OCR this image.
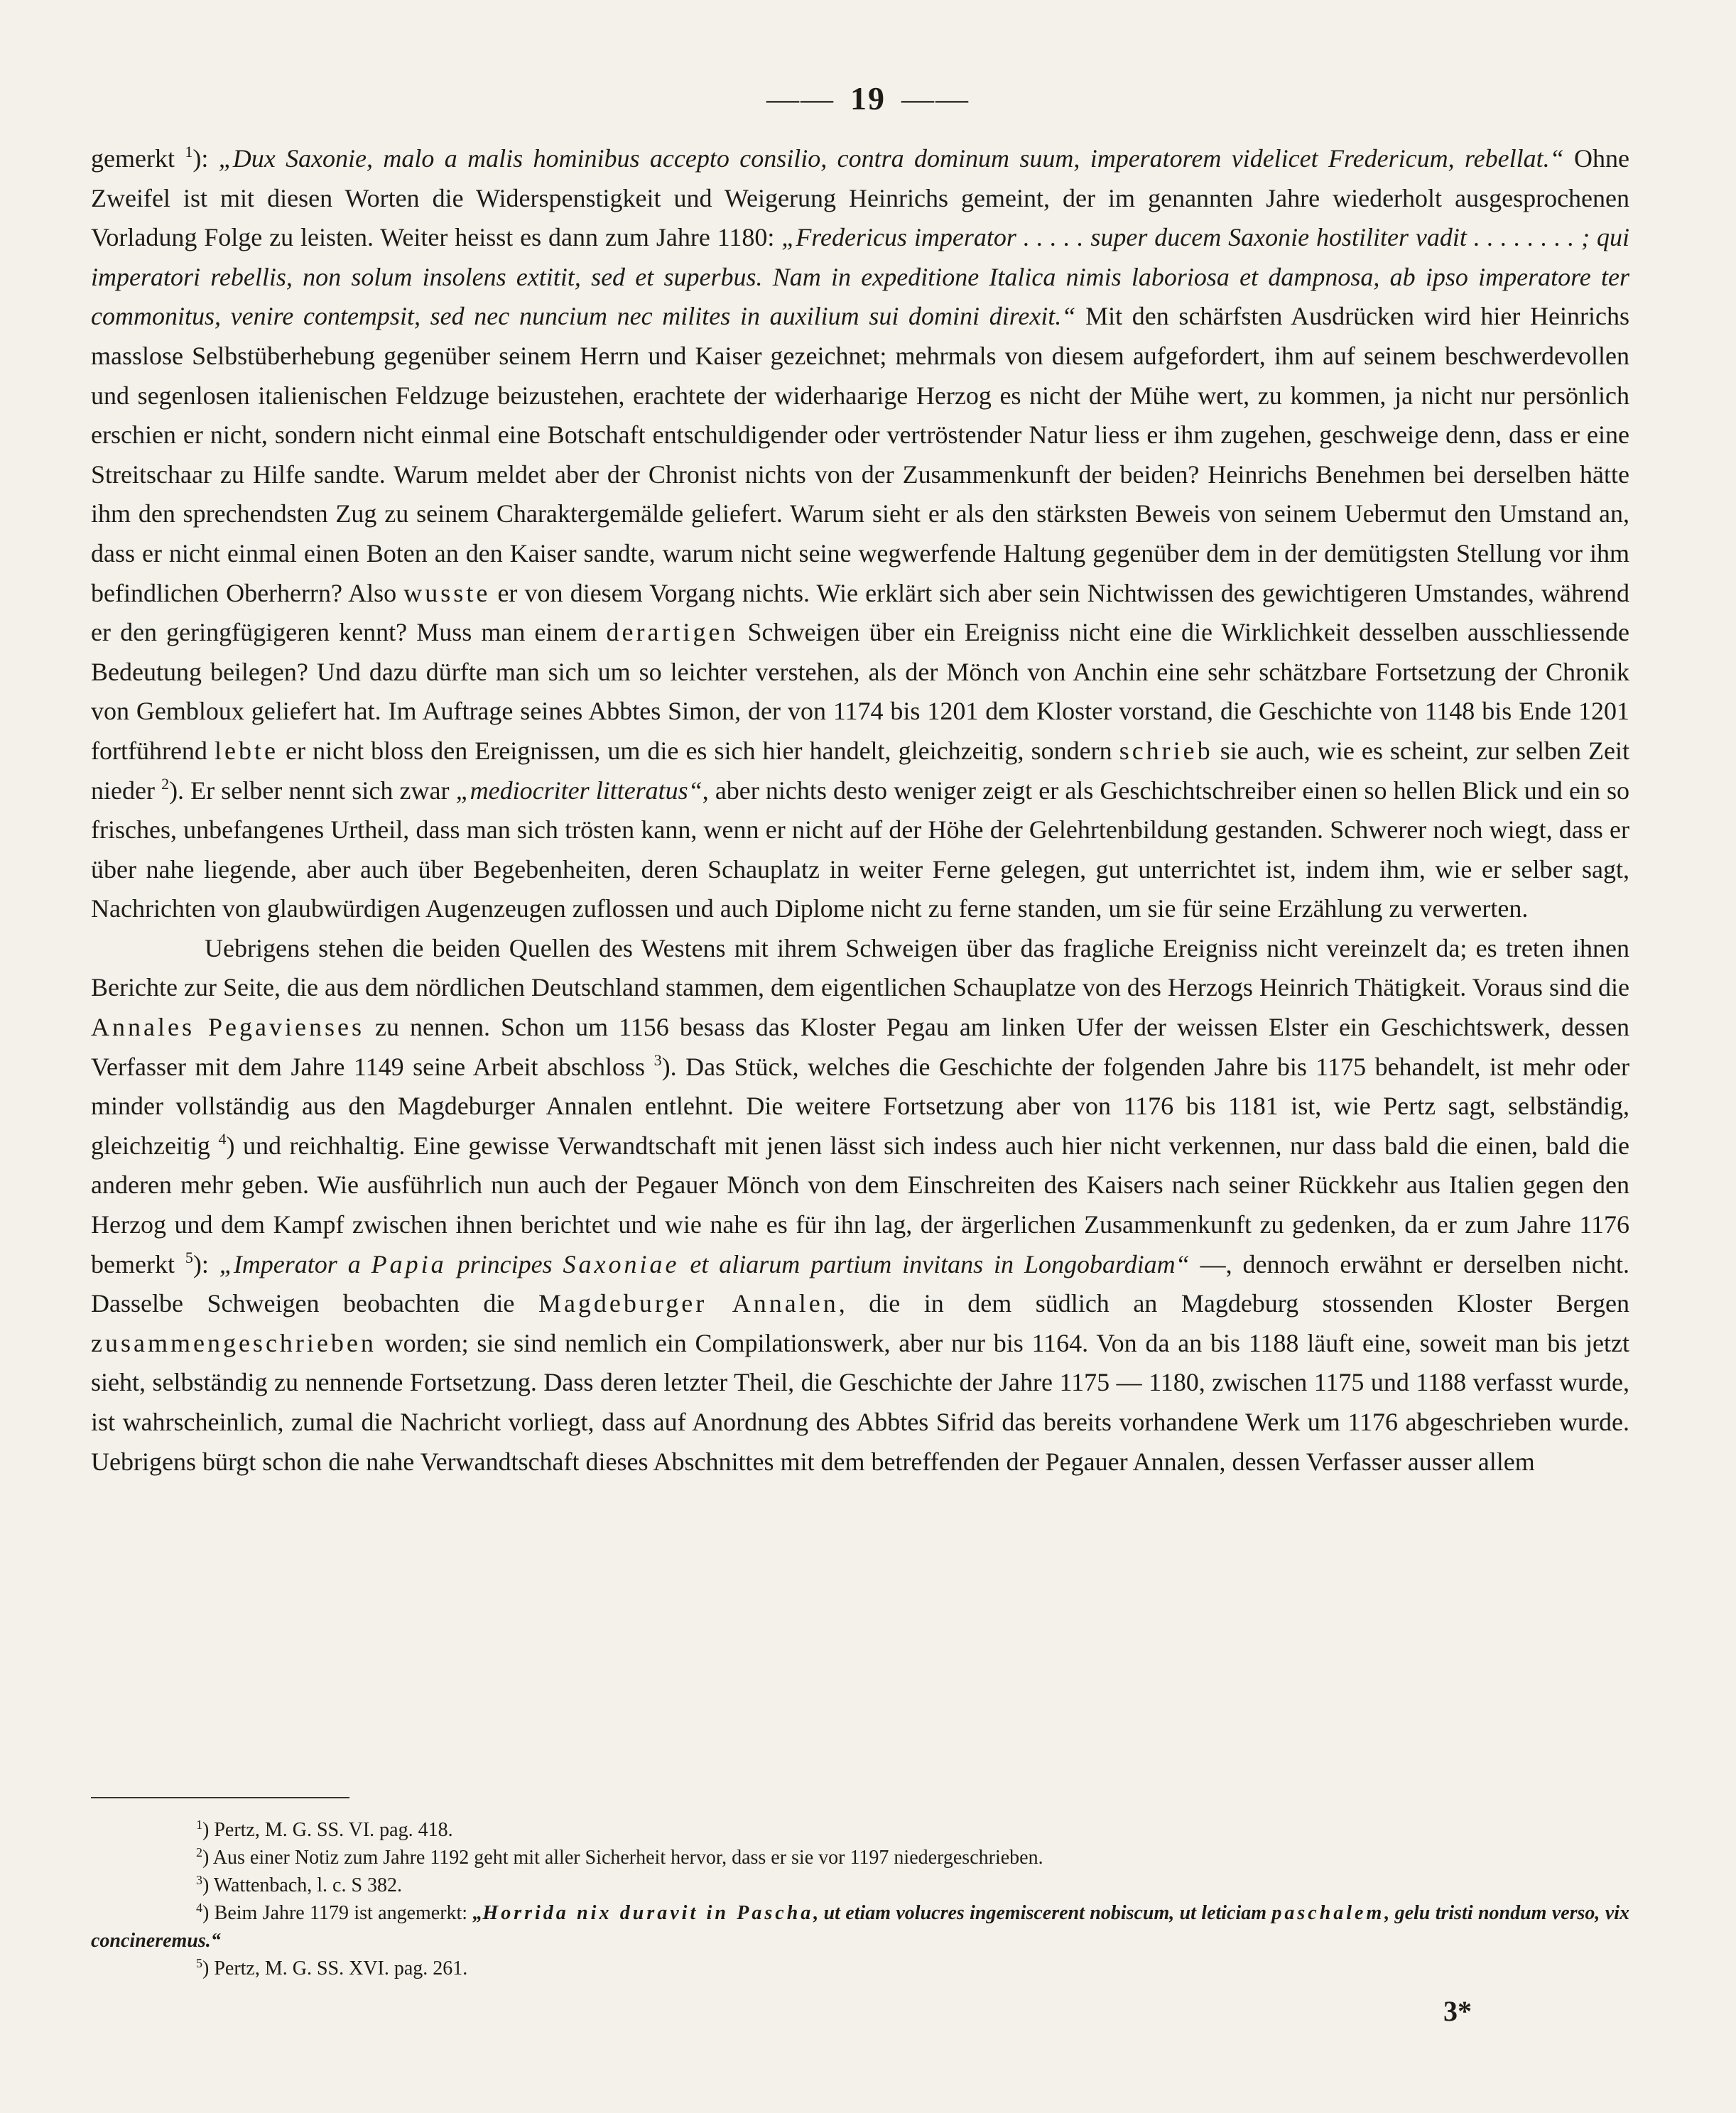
—— 19 ——

gemerkt $^1$): „Dux Saxonie, malo a malis hominibus accepto consilio, contra dominum suum, imperatorem videlicet Fredericum, rebellat.“ Ohne Zweifel ist mit diesen Worten die Widerspenstigkeit und Weigerung Heinrichs gemeint, der im genannten Jahre wiederholt ausgesprochenen Vorladung Folge zu leisten. Weiter heisst es dann zum Jahre 1180: „Fredericus imperator . . . . . super ducem Saxonie hostiliter vadit . . . . . . . . ; qui imperatori rebellis, non solum insolens extitit, sed et superbus. Nam in expeditione Italica nimis laboriosa et dampnosa, ab ipso imperatore ter commonitus, venire contempsit, sed nec nuncium nec milites in auxilium sui domini direxit.“ Mit den schärfsten Ausdrücken wird hier Heinrichs masslose Selbstüberhebung gegenüber seinem Herrn und Kaiser gezeichnet; mehrmals von diesem aufgefordert, ihm auf seinem beschwerdevollen und segenlosen italienischen Feldzuge beizustehen, erachtete der widerhaarige Herzog es nicht der Mühe wert, zu kommen, ja nicht nur persönlich erschien er nicht, sondern nicht einmal eine Botschaft entschuldigender oder vertröstender Natur liess er ihm zugehen, geschweige denn, dass er eine Streitschaar zu Hilfe sandte. Warum meldet aber der Chronist nichts von der Zusammenkunft der beiden? Heinrichs Benehmen bei derselben hätte ihm den sprechendsten Zug zu seinem Charaktergemälde geliefert. Warum sieht er als den stärksten Beweis von seinem Uebermut den Umstand an, dass er nicht einmal einen Boten an den Kaiser sandte, warum nicht seine wegwerfende Haltung gegenüber dem in der demütigsten Stellung vor ihm befindlichen Oberherrn? Also wusste er von diesem Vorgang nichts. Wie erklärt sich aber sein Nichtwissen des gewichtigeren Umstandes, während er den geringfügigeren kennt? Muss man einem derartigen Schweigen über ein Ereigniss nicht eine die Wirklichkeit desselben ausschliessende Bedeutung beilegen? Und dazu dürfte man sich um so leichter verstehen, als der Mönch von Anchin eine sehr schätzbare Fortsetzung der Chronik von Gembloux geliefert hat. Im Auftrage seines Abbtes Simon, der von 1174 bis 1201 dem Kloster vorstand, die Geschichte von 1148 bis Ende 1201 fortführend lebte er nicht bloss den Ereignissen, um die es sich hier handelt, gleichzeitig, sondern schrieb sie auch, wie es scheint, zur selben Zeit nieder $^2$). Er selber nennt sich zwar „mediocriter litteratus“, aber nichts desto weniger zeigt er als Geschichtschreiber einen so hellen Blick und ein so frisches, unbefangenes Urtheil, dass man sich trösten kann, wenn er nicht auf der Höhe der Gelehrtenbildung gestanden. Schwerer noch wiegt, dass er über nahe liegende, aber auch über Begebenheiten, deren Schauplatz in weiter Ferne gelegen, gut unterrichtet ist, indem ihm, wie er selber sagt, Nachrichten von glaubwürdigen Augenzeugen zuflossen und auch Diplome nicht zu ferne standen, um sie für seine Erzählung zu verwerten.

Uebrigens stehen die beiden Quellen des Westens mit ihrem Schweigen über das fragliche Ereigniss nicht vereinzelt da; es treten ihnen Berichte zur Seite, die aus dem nördlichen Deutschland stammen, dem eigentlichen Schauplatze von des Herzogs Heinrich Thätigkeit. Voraus sind die Annales Pegavienses zu nennen. Schon um 1156 besass das Kloster Pegau am linken Ufer der weissen Elster ein Geschichtswerk, dessen Verfasser mit dem Jahre 1149 seine Arbeit abschloss $^3$). Das Stück, welches die Geschichte der folgenden Jahre bis 1175 behandelt, ist mehr oder minder vollständig aus den Magdeburger Annalen entlehnt. Die weitere Fortsetzung aber von 1176 bis 1181 ist, wie Pertz sagt, selbständig, gleichzeitig $^4$) und reichhaltig. Eine gewisse Verwandtschaft mit jenen lässt sich indess auch hier nicht verkennen, nur dass bald die einen, bald die anderen mehr geben. Wie ausführlich nun auch der Pegauer Mönch von dem Einschreiten des Kaisers nach seiner Rückkehr aus Italien gegen den Herzog und dem Kampf zwischen ihnen berichtet und wie nahe es für ihn lag, der ärgerlichen Zusammenkunft zu gedenken, da er zum Jahre 1176 bemerkt $^5$): „Imperator a Papia principes Saxoniae et aliarum partium invitans in Longobardiam“ —, dennoch erwähnt er derselben nicht. Dasselbe Schweigen beobachten die Magdeburger Annalen, die in dem südlich an Magdeburg stossenden Kloster Bergen zusammengeschrieben worden; sie sind nemlich ein Compilationswerk, aber nur bis 1164. Von da an bis 1188 läuft eine, soweit man bis jetzt sieht, selbständig zu nennende Fortsetzung. Dass deren letzter Theil, die Geschichte der Jahre 1175 — 1180, zwischen 1175 und 1188 verfasst wurde, ist wahrscheinlich, zumal die Nachricht vorliegt, dass auf Anordnung des Abbtes Sifrid das bereits vorhandene Werk um 1176 abgeschrieben wurde. Uebrigens bürgt schon die nahe Verwandtschaft dieses Abschnittes mit dem betreffenden der Pegauer Annalen, dessen Verfasser ausser allem

$^1$) Pertz, M. G. SS. VI. pag. 418.
$^2$) Aus einer Notiz zum Jahre 1192 geht mit aller Sicherheit hervor, dass er sie vor 1197 niedergeschrieben.
$^3$) Wattenbach, l. c. S 382.
$^4$) Beim Jahre 1179 ist angemerkt: „Horrida nix duravit in Pascha, ut etiam volucres ingemiscerent nobiscum, ut leticiam paschalem, gelu tristi nondum verso, vix concineremus.“
$^5$) Pertz, M. G. SS. XVI. pag. 261.
3*
